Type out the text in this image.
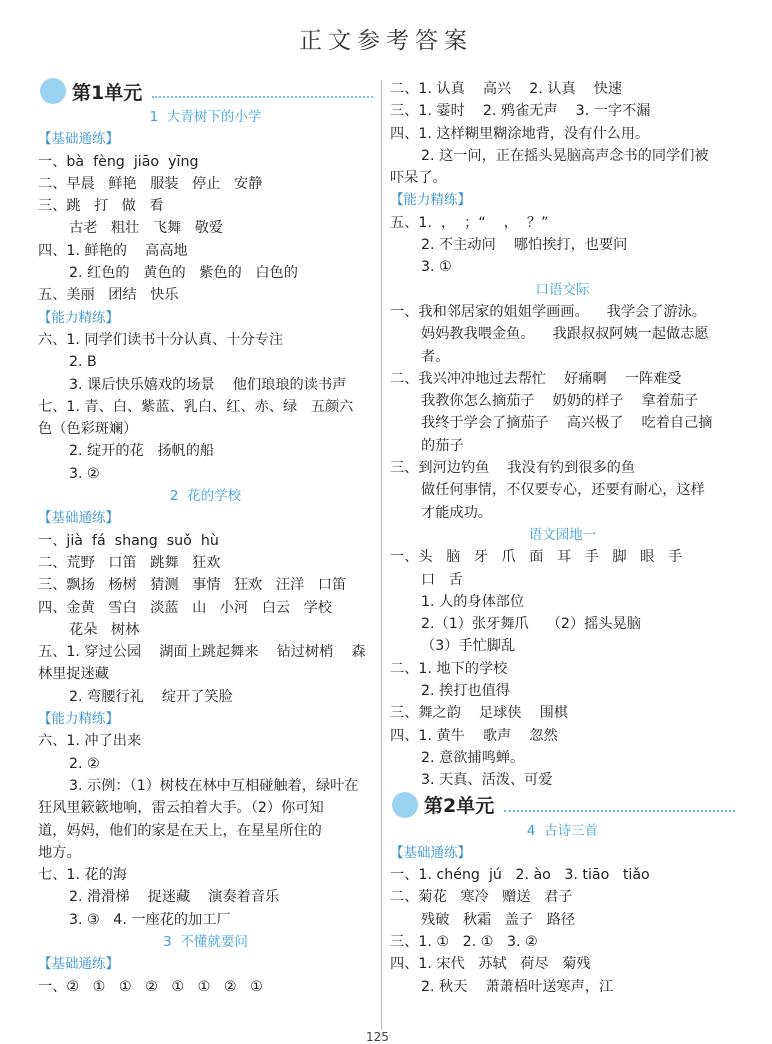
正文参考答案
第1单元
1  大青树下的小学
【基础通练】
一、bà  fèng  jiāo  yīng
二、早晨   鲜艳   服装   停止   安静
三、跳   打   做   看
古老   粗壮   飞舞   敬爱
四、1. 鲜艳的    高高地
2. 红色的   黄色的   紫色的   白色的
五、美丽   团结   快乐
【能力精练】
六、1. 同学们读书十分认真、十分专注
2. B
3. 课后快乐嬉戏的场景    他们琅琅的读书声
七、1. 青、白、紫蓝、乳白、红、赤、绿   五颜六
色（色彩斑斓）
2. 绽开的花   扬帆的船
3. ②
2  花的学校
【基础通练】
一、jià  fá  shang  suǒ  hù
二、荒野   口笛   跳舞   狂欢
三、飘扬   杨树   猜测   事情   狂欢   汪洋   口笛
四、金黄   雪白   淡蓝   山   小河   白云   学校
花朵   树林
五、1. 穿过公园    湖面上跳起舞来    钻过树梢    森
林里捉迷藏
2. 弯腰行礼    绽开了笑脸
【能力精练】
六、1. 冲了出来
2. ②
3. 示例：（1）树枝在林中互相碰触着，绿叶在
狂风里簌簌地响，雷云拍着大手。（2）你可知
道，妈妈，他们的家是在天上，在星星所住的
地方。
七、1. 花的海
2. 滑滑梯    捉迷藏    演奏着音乐
3. ③   4. 一座花的加工厂
3  不懂就要问
【基础通练】
一、②   ①   ①   ②   ①   ①   ②   ①
二、1. 认真    高兴    2. 认真    快速
三、1. 霎时    2. 鸦雀无声    3. 一字不漏
四、1. 这样糊里糊涂地背，没有什么用。
2. 这一问，正在摇头晃脑高声念书的同学们被
吓呆了。
【能力精练】
五、1.  ，  ；“    ，  ？”
2. 不主动问    哪怕挨打，也要问
3. ①
口语交际
一、我和邻居家的姐姐学画画。    我学会了游泳。
妈妈教我喂金鱼。    我跟叔叔阿姨一起做志愿
者。
二、我兴冲冲地过去帮忙    好痛啊    一阵难受
我教你怎么摘茄子    奶奶的样子    拿着茄子
我终于学会了摘茄子    高兴极了    吃着自己摘
的茄子
三、到河边钓鱼    我没有钓到很多的鱼
做任何事情，不仅要专心，还要有耐心，这样
才能成功。
语文园地一
一、头   脑   牙   爪   面   耳   手   脚   眼   手
口   舌
1. 人的身体部位
2.（1）张牙舞爪    （2）摇头晃脑
（3）手忙脚乱
二、1. 地下的学校
2. 挨打也值得
三、舞之韵    足球侠    围棋
四、1. 黄牛    歌声    忽然
2. 意欲捕鸣蝉。
3. 天真、活泼、可爱
第2单元
4  古诗三首
【基础通练】
一、1. chéng  jú   2. ào   3. tiāo   tiǎo
二、菊花   寒冷   赠送   君子
残破   秋霜   盖子   路径
三、1. ①   2. ①   3. ②
四、1. 宋代   苏轼   荷尽   菊残
2. 秋天    萧萧梧叶送寒声，江
125
